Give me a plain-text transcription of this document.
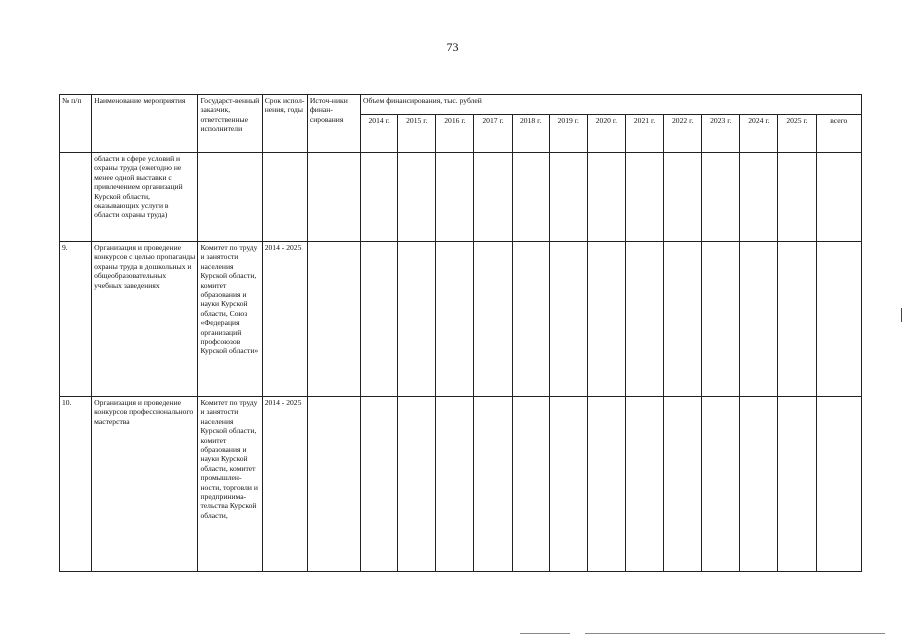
73
№ п/п	Наименование мероприятия	Государст-венный заказчик, ответственные исполнители	Срок испол-нения, годы	Источ-ники финан-сирования	Объем финансирования, тыс. рублей												
					2014 г.	2015 г.	2016 г.	2017 г.	2018 г.	2019 г.	2020 г.	2021 г.	2022 г.	2023 г.	2024 г.	2025 г.	всего
	области в сфере условий и охраны труда (ежегодно не менее одной выставки с привлечением организаций Курской области, оказывающих услуги в области охраны труда)																
9.	Организация и проведение конкурсов с целью пропаганды охраны труда в дошкольных и общеобразовательных учебных заведениях	Комитет по труду и занятости населения Курской области, комитет образования и науки Курской области, Союз «Федерация организаций профсоюзов Курской области»	2014 - 2025														
10.	Организация и проведение конкурсов профессионального мастерства	Комитет по труду и занятости населения Курской области, комитет образования и науки Курской области, комитет промышлен-ности, торговли и предпринима-тельства Курской области,	2014 - 2025														
